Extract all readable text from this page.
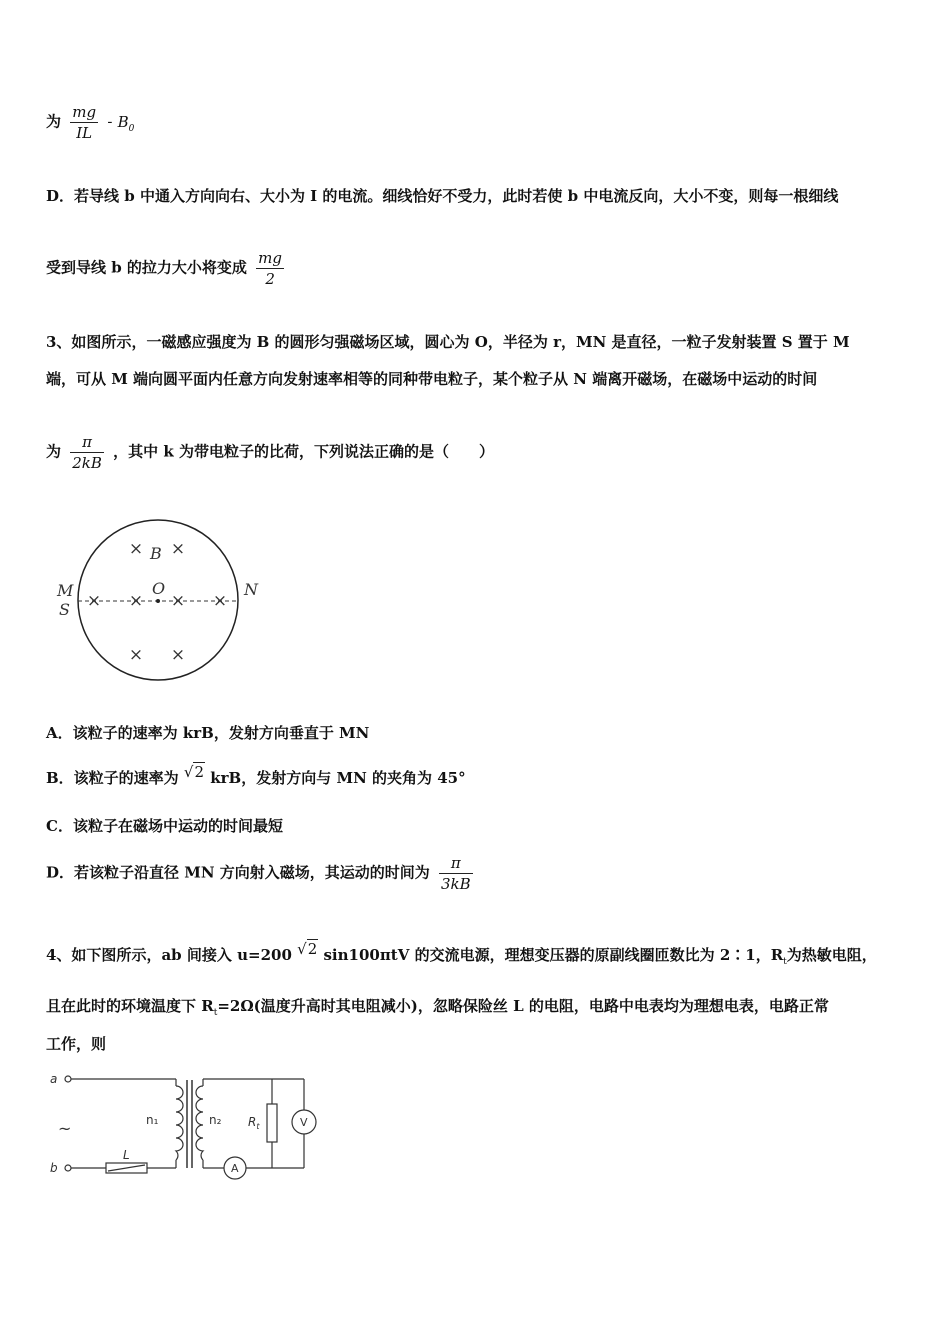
为 $\frac{mg}{IL} - B_0$
D．若导线 b 中通入方向向右、大小为 I 的电流。细线恰好不受力，此时若使 b 中电流反向，大小不变，则每一根细线
受到导线 b 的拉力大小将变成 $\frac{mg}{2}$
3、如图所示，一磁感应强度为 B 的圆形匀强磁场区域，圆心为 O，半径为 r，MN 是直径，一粒子发射装置 S 置于 M
端，可从 M 端向圆平面内任意方向发射速率相等的同种带电粒子，某个粒子从 N 端离开磁场，在磁场中运动的时间
为 $\frac{\pi}{2kB}$ ，其中 k 为带电粒子的比荷，下列说法正确的是（　　）
× ×
× × × ×
× ×
B
O
M
S
N
A．该粒子的速率为 krB，发射方向垂直于 MN
B．该粒子的速率为 √2 krB，发射方向与 MN 的夹角为 45°
C．该粒子在磁场中运动的时间最短
D．若该粒子沿直径 MN 方向射入磁场，其运动的时间为 $\frac{\pi}{3kB}$
4、如下图所示，ab 间接入 u=200 √2 sin100πtV 的交流电源，理想变压器的原副线圈匝数比为 2∶1，$R_t$为热敏电阻，
且在此时的环境温度下 $R_t=2\Omega$(温度升高时其电阻减小)，忽略保险丝 L 的电阻，电路中电表均为理想电表，电路正常
工作，则
a
b
~	n₁	n₂
L
$R_t$	V
A
